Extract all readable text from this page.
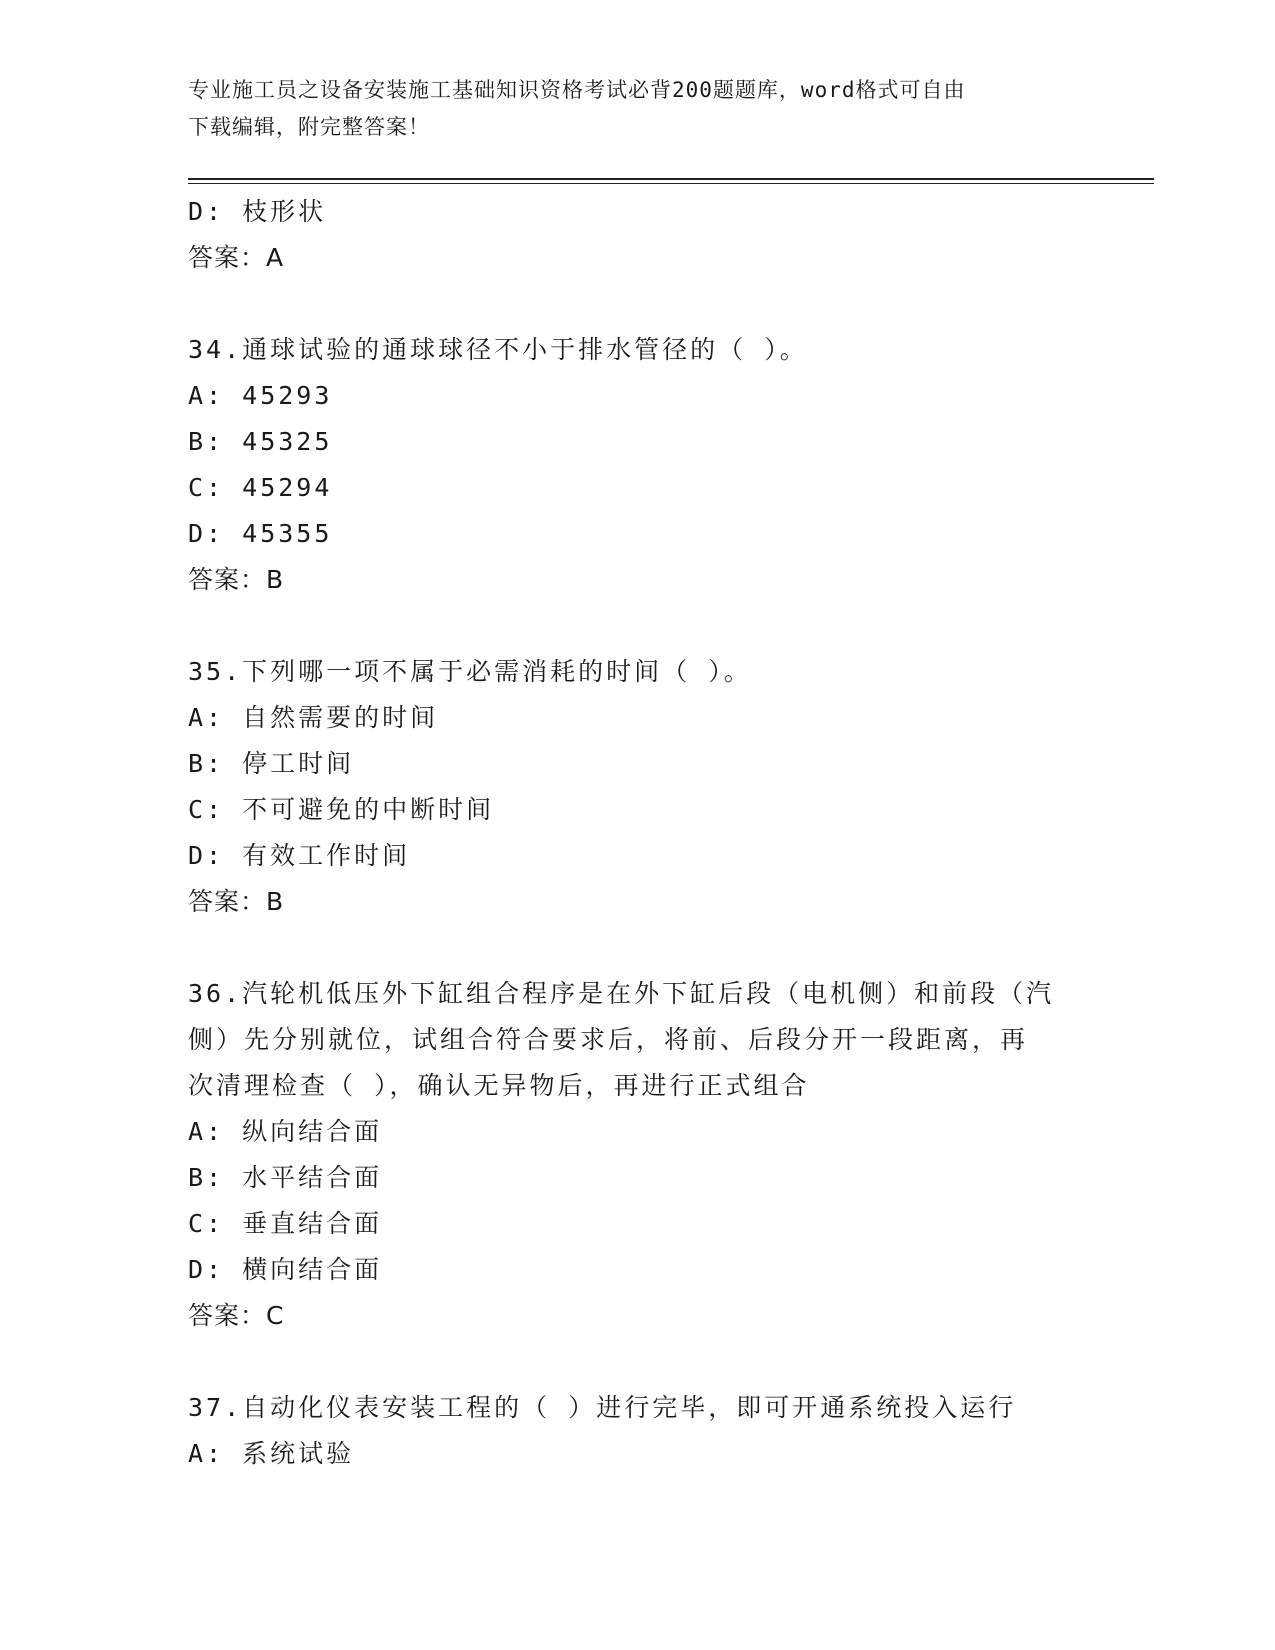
专业施工员之设备安装施工基础知识资格考试必背200题题库，word格式可自由
下载编辑，附完整答案！
D: 枝形状
答案：A
34.通球试验的通球球径不小于排水管径的（ ）。
A: 45293
B: 45325
C: 45294
D: 45355
答案：B
35.下列哪一项不属于必需消耗的时间（ ）。
A: 自然需要的时间
B: 停工时间
C: 不可避免的中断时间
D: 有效工作时间
答案：B
36.汽轮机低压外下缸组合程序是在外下缸后段（电机侧）和前段（汽
侧）先分别就位，试组合符合要求后，将前、后段分开一段距离，再
次清理检查（ ），确认无异物后，再进行正式组合
A: 纵向结合面
B: 水平结合面
C: 垂直结合面
D: 横向结合面
答案：C
37.自动化仪表安装工程的（ ）进行完毕，即可开通系统投入运行
A: 系统试验
